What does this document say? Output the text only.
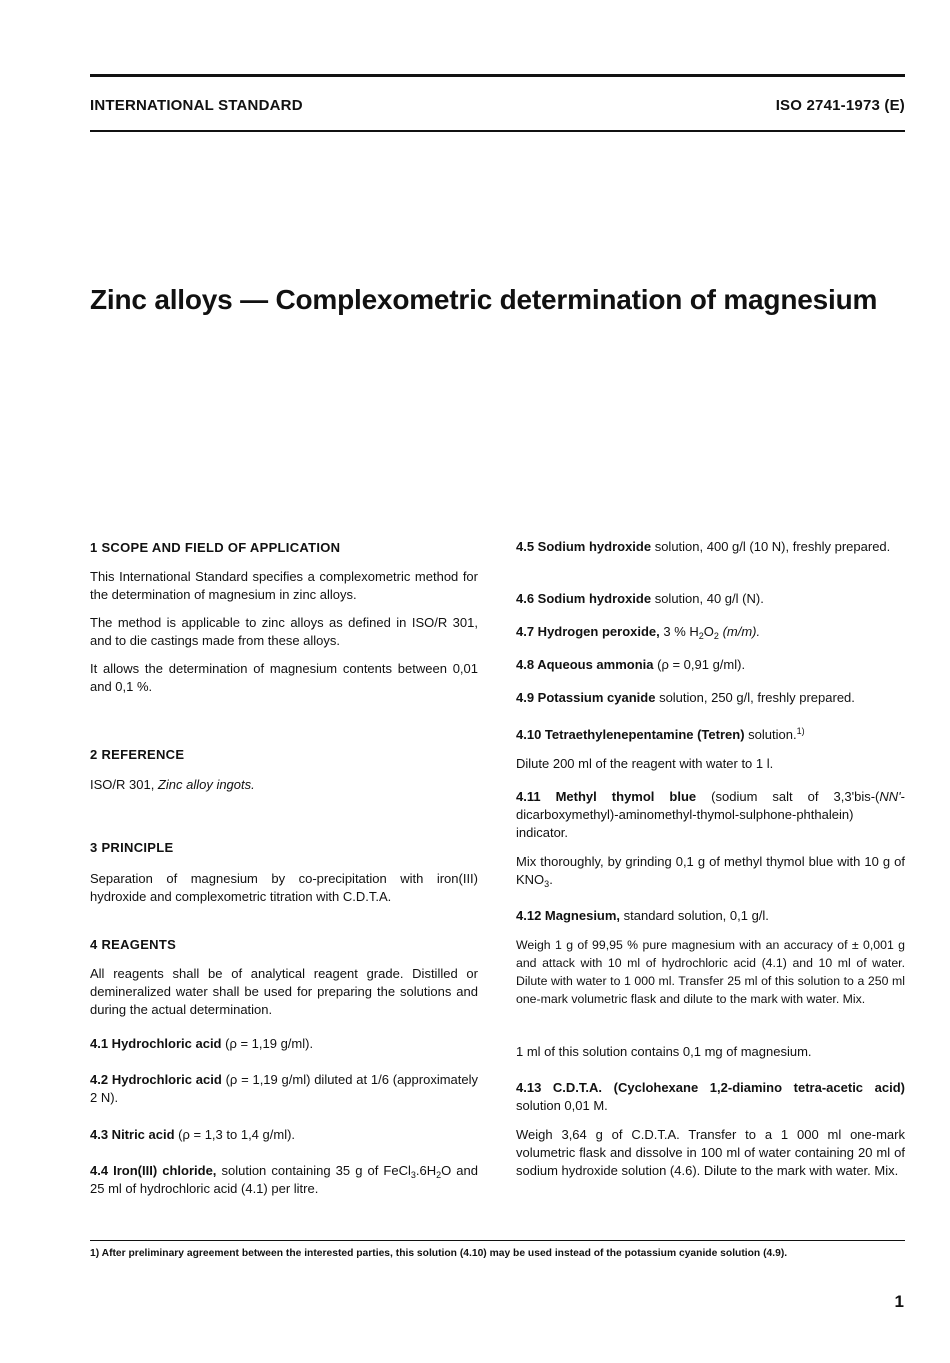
INTERNATIONAL STANDARD	ISO 2741-1973 (E)
Zinc alloys — Complexometric determination of magnesium
1 SCOPE AND FIELD OF APPLICATION
This International Standard specifies a complexometric method for the determination of magnesium in zinc alloys.
The method is applicable to zinc alloys as defined in ISO/R 301, and to die castings made from these alloys.
It allows the determination of magnesium contents between 0,01 and 0,1 %.
2 REFERENCE
ISO/R 301, Zinc alloy ingots.
3 PRINCIPLE
Separation of magnesium by co-precipitation with iron(III) hydroxide and complexometric titration with C.D.T.A.
4 REAGENTS
All reagents shall be of analytical reagent grade. Distilled or demineralized water shall be used for preparing the solutions and during the actual determination.
4.1 Hydrochloric acid (ρ = 1,19 g/ml).
4.2 Hydrochloric acid (ρ = 1,19 g/ml) diluted at 1/6 (approximately 2 N).
4.3 Nitric acid (ρ = 1,3 to 1,4 g/ml).
4.4 Iron(III) chloride, solution containing 35 g of $FeCl_3.6H_2O$ and 25 ml of hydrochloric acid (4.1) per litre.
4.5 Sodium hydroxide solution, 400 g/l (10 N), freshly prepared.
4.6 Sodium hydroxide solution, 40 g/l (N).
4.7 Hydrogen peroxide, 3 % $H_2O_2$ (m/m).
4.8 Aqueous ammonia (ρ = 0,91 g/ml).
4.9 Potassium cyanide solution, 250 g/l, freshly prepared.
4.10 Tetraethylenepentamine (Tetren) solution.$^{1)}$
Dilute 200 ml of the reagent with water to 1 l.
4.11 Methyl thymol blue (sodium salt of 3,3'bis-(NN'-dicarboxymethyl)-aminomethyl-thymol-sulphone-phthalein) indicator.
Mix thoroughly, by grinding 0,1 g of methyl thymol blue with 10 g of $KNO_3$.
4.12 Magnesium, standard solution, 0,1 g/l.
Weigh 1 g of 99,95 % pure magnesium with an accuracy of ± 0,001 g and attack with 10 ml of hydrochloric acid (4.1) and 10 ml of water. Dilute with water to 1 000 ml. Transfer 25 ml of this solution to a 250 ml one-mark volumetric flask and dilute to the mark with water. Mix.
1 ml of this solution contains 0,1 mg of magnesium.
4.13 C.D.T.A. (Cyclohexane 1,2-diamino tetra-acetic acid) solution 0,01 M.
Weigh 3,64 g of C.D.T.A. Transfer to a 1 000 ml one-mark volumetric flask and dissolve in 100 ml of water containing 20 ml of sodium hydroxide solution (4.6). Dilute to the mark with water. Mix.
1) After preliminary agreement between the interested parties, this solution (4.10) may be used instead of the potassium cyanide solution (4.9).
1
